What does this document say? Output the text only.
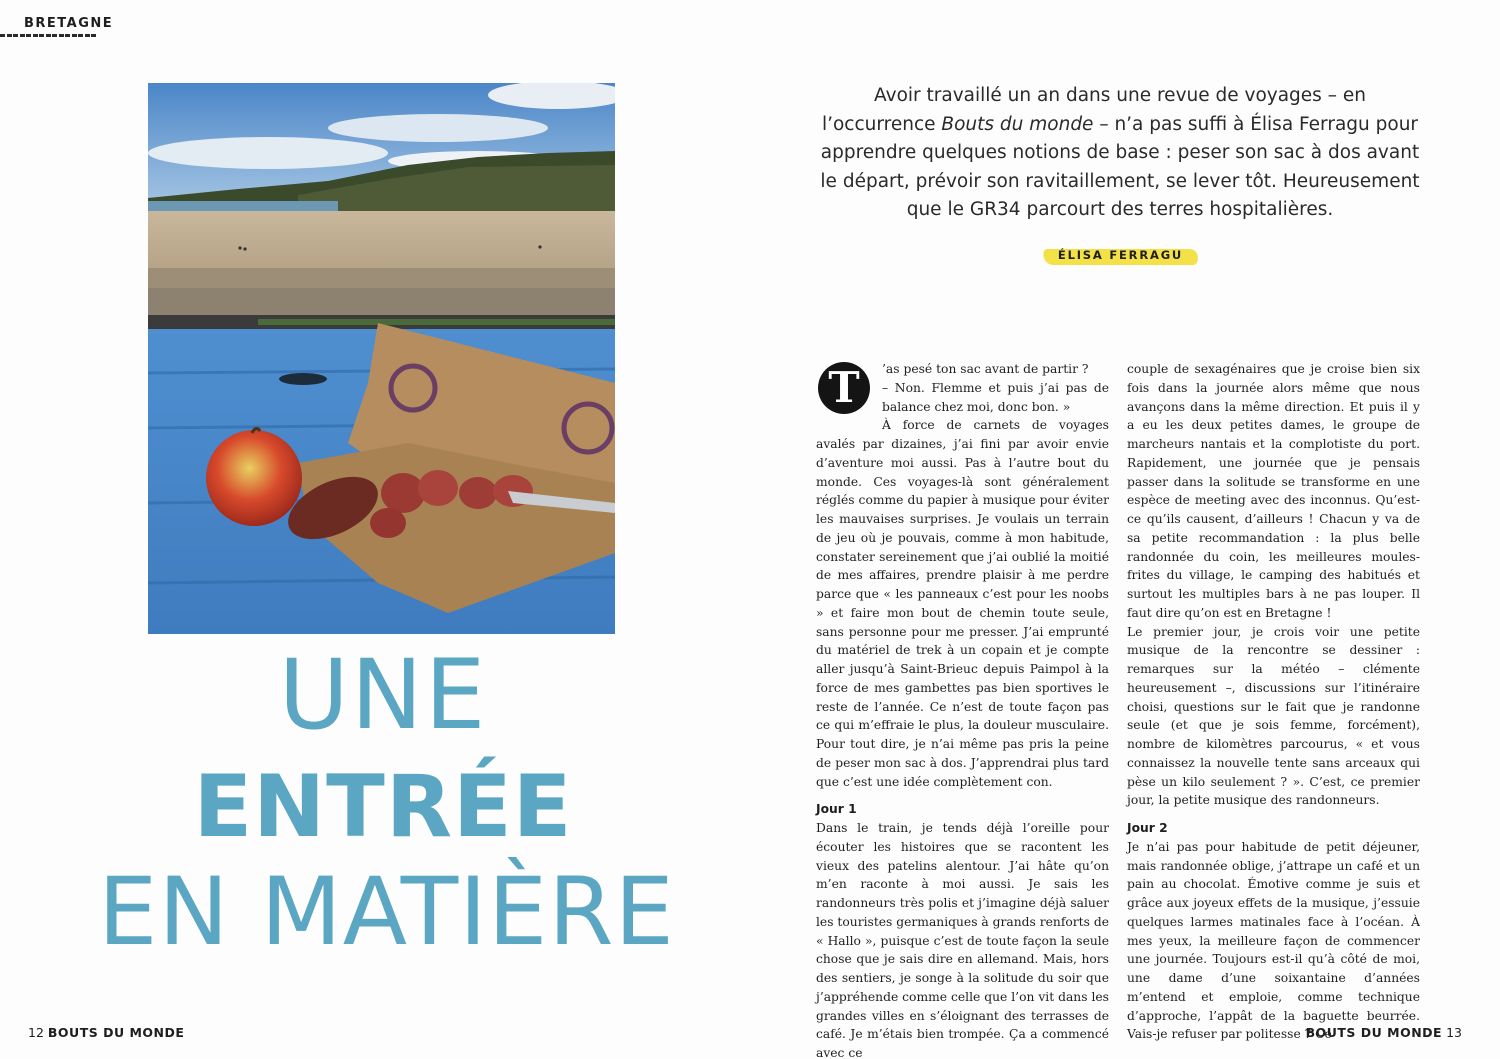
BRETAGNE
UNE
ENTRÉE
EN MATIÈRE
Avoir travaillé un an dans une revue de voyages – en l’occurrence Bouts du monde – n’a pas suffi à Élisa Ferragu pour apprendre quelques notions de base : peser son sac à dos avant le départ, prévoir son ravitaillement, se lever tôt. Heureusement que le GR34 parcourt des terres hospitalières.
ÉLISA FERRAGU
T	’as pesé ton sac avant de partir ?

– Non. Flemme et puis j’ai pas de balance chez moi, donc bon. »

À force de carnets de voyages avalés par dizaines, j’ai fini par avoir envie d’aventure moi aussi. Pas à l’autre bout du monde. Ces voyages-là sont généralement réglés comme du papier à musique pour éviter les mauvaises surprises. Je voulais un terrain de jeu où je pouvais, comme à mon habitude, constater sereinement que j’ai oublié la moitié de mes affaires, prendre plaisir à me perdre parce que « les panneaux c’est pour les noobs » et faire mon bout de chemin toute seule, sans personne pour me presser. J’ai emprunté du matériel de trek à un copain et je compte aller jusqu’à Saint-Brieuc depuis Paimpol à la force de mes gambettes pas bien sportives le reste de l’année. Ce n’est de toute façon pas ce qui m’effraie le plus, la douleur musculaire. Pour tout dire, je n’ai même pas pris la peine de peser mon sac à dos. J’apprendrai plus tard que c’est une idée complètement con.

Jour 1

Dans le train, je tends déjà l’oreille pour écouter les histoires que se racontent les vieux des patelins alentour. J’ai hâte qu’on m’en raconte à moi aussi. Je sais les randonneurs très polis et j’imagine déjà saluer les touristes germaniques à grands renforts de « Hallo », puisque c’est de toute façon la seule chose que je sais dire en allemand. Mais, hors des sentiers, je songe à la solitude du soir que j’appréhende comme celle que l’on vit dans les grandes villes en s’éloignant des terrasses de café. Je m’étais bien trompée. Ça a commencé avec ce

couple de sexagénaires que je croise bien six fois dans la journée alors même que nous avançons dans la même direction. Et puis il y a eu les deux petites dames, le groupe de marcheurs nantais et la complotiste du port. Rapidement, une journée que je pensais passer dans la solitude se transforme en une espèce de meeting avec des inconnus. Qu’est-ce qu’ils causent, d’ailleurs ! Chacun y va de sa petite recommandation : la plus belle randonnée du coin, les meilleures moules-frites du village, le camping des habitués et surtout les multiples bars à ne pas louper. Il faut dire qu’on est en Bretagne !

Le premier jour, je crois voir une petite musique de la rencontre se dessiner : remarques sur la météo – clémente heureusement –, discussions sur l’itinéraire choisi, questions sur le fait que je randonne seule (et que je sois femme, forcément), nombre de kilomètres parcourus, « et vous connaissez la nouvelle tente sans arceaux qui pèse un kilo seulement ? ». C’est, ce premier jour, la petite musique des randonneurs.

Jour 2

Je n’ai pas pour habitude de petit déjeuner, mais randonnée oblige, j’attrape un café et un pain au chocolat. Émotive comme je suis et grâce aux joyeux effets de la musique, j’essuie quelques larmes matinales face à l’océan. À mes yeux, la meilleure façon de commencer une journée. Toujours est-il qu’à côté de moi, une dame d’une soixantaine d’années m’entend et emploie, comme technique d’approche, l’appât de la baguette beurrée. Vais-je refuser par politesse ? Ce

12 BOUTS DU MONDE	BOUTS DU MONDE 13
